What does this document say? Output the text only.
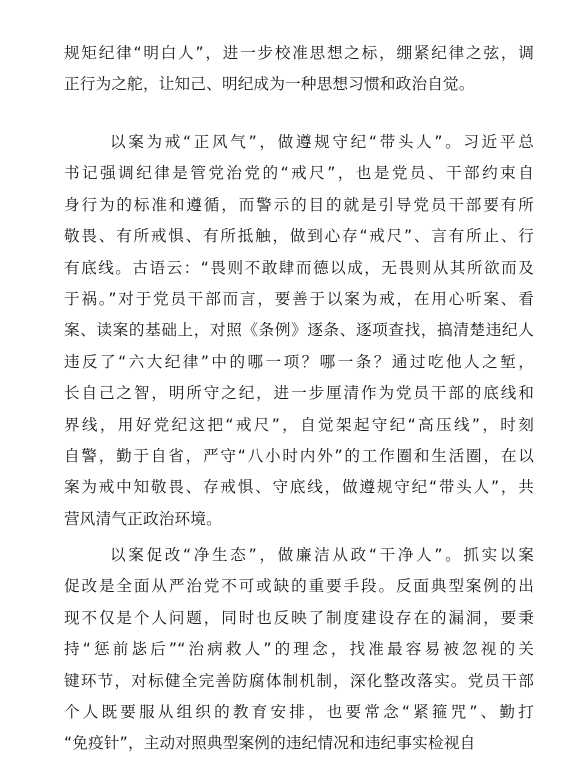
规矩纪律“明白人”，进一步校准思想之标，绷紧纪律之弦，调
正行为之舵，让知己、明纪成为一种思想习惯和政治自觉。
以案为戒“正风气”，做遵规守纪“带头人”。习近平总
书记强调纪律是管党治党的“戒尺”，也是党员、干部约束自
身行为的标准和遵循，而警示的目的就是引导党员干部要有所
敬畏、有所戒惧、有所抵触，做到心存“戒尺”、言有所止、行
有底线。古语云：“畏则不敢肆而德以成，无畏则从其所欲而及
于祸。”对于党员干部而言，要善于以案为戒，在用心听案、看
案、读案的基础上，对照《条例》逐条、逐项查找，搞清楚违纪人
违反了“六大纪律”中的哪一项？哪一条？通过吃他人之堑，
长自己之智，明所守之纪，进一步厘清作为党员干部的底线和
界线，用好党纪这把“戒尺”，自觉架起守纪“高压线”，时刻
自警，勤于自省，严守“八小时内外”的工作圈和生活圈，在以
案为戒中知敬畏、存戒惧、守底线，做遵规守纪“带头人”，共
营风清气正政治环境。
以案促改“净生态”，做廉洁从政“干净人”。抓实以案
促改是全面从严治党不可或缺的重要手段。反面典型案例的出
现不仅是个人问题，同时也反映了制度建设存在的漏洞，要秉
持“惩前毖后”“治病救人”的理念，找准最容易被忽视的关
键环节，对标健全完善防腐体制机制，深化整改落实。党员干部
个人既要服从组织的教育安排，也要常念“紧箍咒”、勤打
“免疫针”，主动对照典型案例的违纪情况和违纪事实检视自
